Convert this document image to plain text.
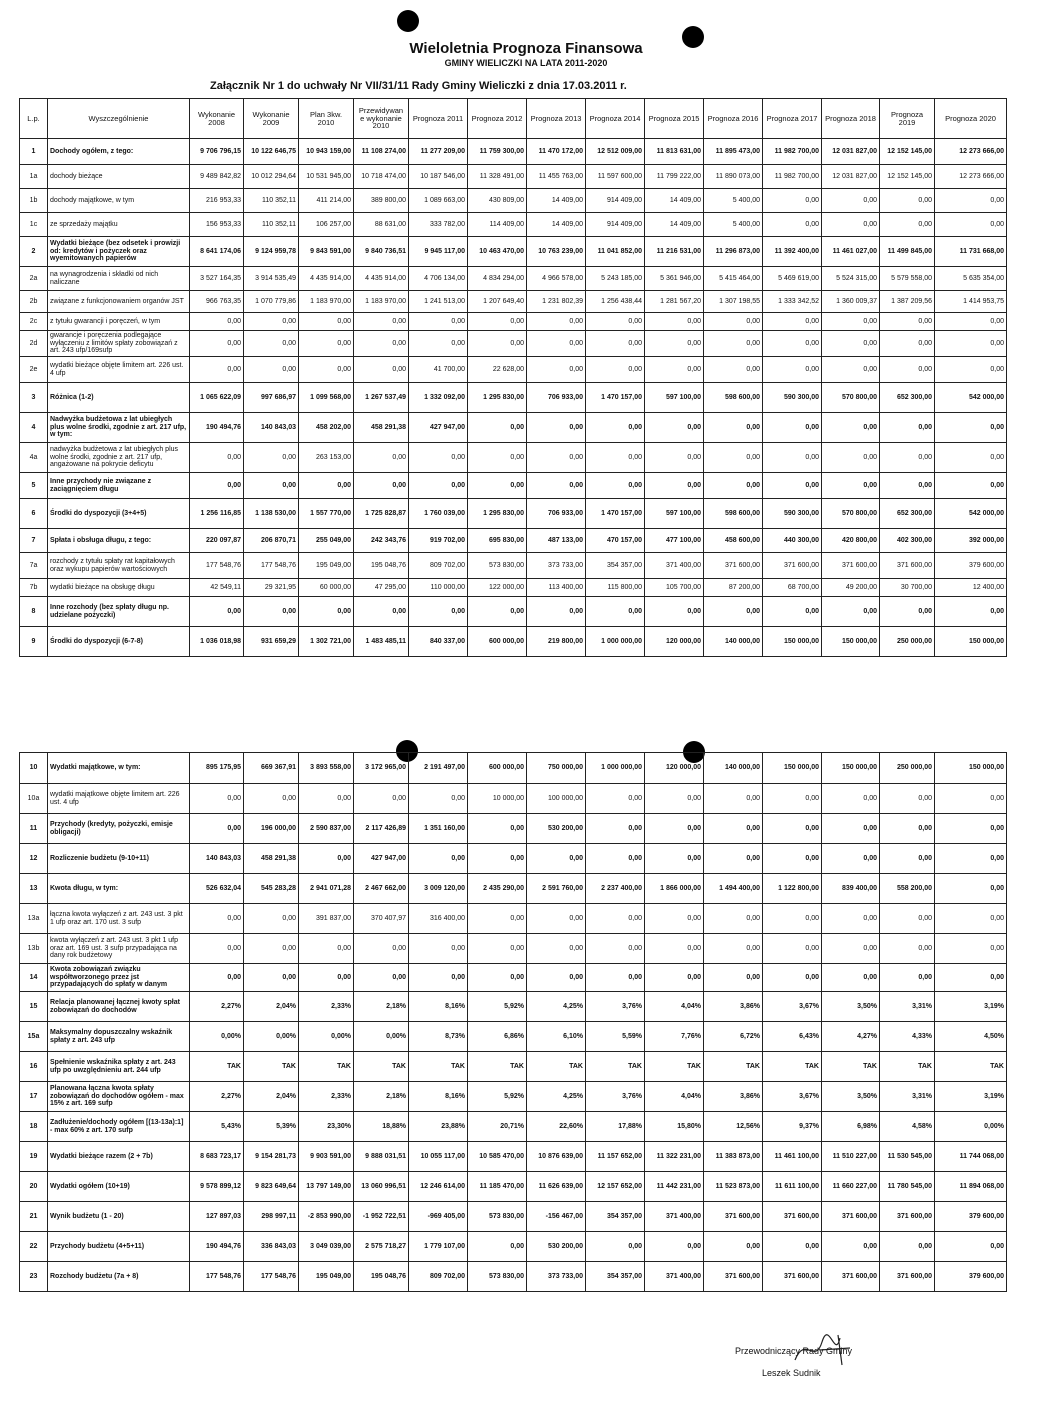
Wieloletnia Prognoza Finansowa
GMINY WIELICZKI NA LATA 2011-2020
Załącznik Nr 1 do uchwały Nr VII/31/11 Rady Gminy Wieliczki z dnia 17.03.2011 r.
L.p.	Wyszczególnienie	Wykonanie 2008	Wykonanie 2009	Plan 3kw. 2010	Przewidywan e wykonanie 2010	Prognoza 2011	Prognoza 2012	Prognoza 2013	Prognoza 2014	Prognoza 2015	Prognoza 2016	Prognoza 2017	Prognoza 2018	Prognoza 2019	Prognoza 2020
1	Dochody ogółem, z tego:	9 706 796,15	10 122 646,75	10 943 159,00	11 108 274,00	11 277 209,00	11 759 300,00	11 470 172,00	12 512 009,00	11 813 631,00	11 895 473,00	11 982 700,00	12 031 827,00	12 152 145,00	12 273 666,00
1a	dochody bieżące	9 489 842,82	10 012 294,64	10 531 945,00	10 718 474,00	10 187 546,00	11 328 491,00	11 455 763,00	11 597 600,00	11 799 222,00	11 890 073,00	11 982 700,00	12 031 827,00	12 152 145,00	12 273 666,00
1b	dochody majątkowe, w tym	216 953,33	110 352,11	411 214,00	389 800,00	1 089 663,00	430 809,00	14 409,00	914 409,00	14 409,00	5 400,00	0,00	0,00	0,00	0,00
1c	ze sprzedaży majątku	156 953,33	110 352,11	106 257,00	88 631,00	333 782,00	114 409,00	14 409,00	914 409,00	14 409,00	5 400,00	0,00	0,00	0,00	0,00
2	Wydatki bieżące (bez odsetek i prowizji od: kredytów i pożyczek oraz wyemitowanych papierów	8 641 174,06	9 124 959,78	9 843 591,00	9 840 736,51	9 945 117,00	10 463 470,00	10 763 239,00	11 041 852,00	11 216 531,00	11 296 873,00	11 392 400,00	11 461 027,00	11 499 845,00	11 731 668,00
2a	na wynagrodzenia i składki od nich naliczane	3 527 164,35	3 914 535,49	4 435 914,00	4 435 914,00	4 706 134,00	4 834 294,00	4 966 578,00	5 243 185,00	5 361 946,00	5 415 464,00	5 469 619,00	5 524 315,00	5 579 558,00	5 635 354,00
2b	związane z funkcjonowaniem organów JST	966 763,35	1 070 779,86	1 183 970,00	1 183 970,00	1 241 513,00	1 207 649,40	1 231 802,39	1 256 438,44	1 281 567,20	1 307 198,55	1 333 342,52	1 360 009,37	1 387 209,56	1 414 953,75
2c	z tytułu gwarancji i poręczeń, w tym	0,00	0,00	0,00	0,00	0,00	0,00	0,00	0,00	0,00	0,00	0,00	0,00	0,00	0,00
2d	gwarancje i poręczenia podlegające wyłączeniu z limitów spłaty zobowiązań z art. 243 ufp/169sufp	0,00	0,00	0,00	0,00	0,00	0,00	0,00	0,00	0,00	0,00	0,00	0,00	0,00	0,00
2e	wydatki bieżące objęte limitem art. 226 ust. 4 ufp	0,00	0,00	0,00	0,00	41 700,00	22 628,00	0,00	0,00	0,00	0,00	0,00	0,00	0,00	0,00
3	Różnica (1-2)	1 065 622,09	997 686,97	1 099 568,00	1 267 537,49	1 332 092,00	1 295 830,00	706 933,00	1 470 157,00	597 100,00	598 600,00	590 300,00	570 800,00	652 300,00	542 000,00
4	Nadwyżka budżetowa z lat ubiegłych plus wolne środki, zgodnie z art. 217 ufp, w tym:	190 494,76	140 843,03	458 202,00	458 291,38	427 947,00	0,00	0,00	0,00	0,00	0,00	0,00	0,00	0,00	0,00
4a	nadwyżka budżetowa z lat ubiegłych plus wolne środki, zgodnie z art. 217 ufp, angażowane na pokrycie deficytu	0,00	0,00	263 153,00	0,00	0,00	0,00	0,00	0,00	0,00	0,00	0,00	0,00	0,00	0,00
5	Inne przychody nie związane z zaciągnięciem długu	0,00	0,00	0,00	0,00	0,00	0,00	0,00	0,00	0,00	0,00	0,00	0,00	0,00	0,00
6	Środki do dyspozycji (3+4+5)	1 256 116,85	1 138 530,00	1 557 770,00	1 725 828,87	1 760 039,00	1 295 830,00	706 933,00	1 470 157,00	597 100,00	598 600,00	590 300,00	570 800,00	652 300,00	542 000,00
7	Spłata i obsługa długu, z tego:	220 097,87	206 870,71	255 049,00	242 343,76	919 702,00	695 830,00	487 133,00	470 157,00	477 100,00	458 600,00	440 300,00	420 800,00	402 300,00	392 000,00
7a	rozchody z tytułu spłaty rat kapitałowych oraz wykupu papierów wartościowych	177 548,76	177 548,76	195 049,00	195 048,76	809 702,00	573 830,00	373 733,00	354 357,00	371 400,00	371 600,00	371 600,00	371 600,00	371 600,00	379 600,00
7b	wydatki bieżące na obsługę długu	42 549,11	29 321,95	60 000,00	47 295,00	110 000,00	122 000,00	113 400,00	115 800,00	105 700,00	87 200,00	68 700,00	49 200,00	30 700,00	12 400,00
8	Inne rozchody (bez spłaty długu np. udzielane pożyczki)	0,00	0,00	0,00	0,00	0,00	0,00	0,00	0,00	0,00	0,00	0,00	0,00	0,00	0,00
9	Środki do dyspozycji (6-7-8)	1 036 018,98	931 659,29	1 302 721,00	1 483 485,11	840 337,00	600 000,00	219 800,00	1 000 000,00	120 000,00	140 000,00	150 000,00	150 000,00	250 000,00	150 000,00
10	Wydatki majątkowe, w tym:	895 175,95	669 367,91	3 893 558,00	3 172 965,00	2 191 497,00	600 000,00	750 000,00	1 000 000,00	120 000,00	140 000,00	150 000,00	150 000,00	250 000,00	150 000,00
10a	wydatki majątkowe objęte limitem art. 226 ust. 4 ufp	0,00	0,00	0,00	0,00	0,00	10 000,00	100 000,00	0,00	0,00	0,00	0,00	0,00	0,00	0,00
11	Przychody (kredyty, pożyczki, emisje obligacji)	0,00	196 000,00	2 590 837,00	2 117 426,89	1 351 160,00	0,00	530 200,00	0,00	0,00	0,00	0,00	0,00	0,00	0,00
12	Rozliczenie budżetu (9-10+11)	140 843,03	458 291,38	0,00	427 947,00	0,00	0,00	0,00	0,00	0,00	0,00	0,00	0,00	0,00	0,00
13	Kwota długu, w tym:	526 632,04	545 283,28	2 941 071,28	2 467 662,00	3 009 120,00	2 435 290,00	2 591 760,00	2 237 400,00	1 866 000,00	1 494 400,00	1 122 800,00	839 400,00	558 200,00	0,00
13a	łączna kwota wyłączeń z art. 243 ust. 3 pkt 1 ufp oraz art. 170 ust. 3 sufp	0,00	0,00	391 837,00	370 407,97	316 400,00	0,00	0,00	0,00	0,00	0,00	0,00	0,00	0,00	0,00
13b	kwota wyłączeń z art. 243 ust. 3 pkt 1 ufp oraz art. 169 ust. 3 sufp przypadająca na dany rok budżetowy	0,00	0,00	0,00	0,00	0,00	0,00	0,00	0,00	0,00	0,00	0,00	0,00	0,00	0,00
14	Kwota zobowiązań związku współtworzonego przez jst przypadających do spłaty w danym	0,00	0,00	0,00	0,00	0,00	0,00	0,00	0,00	0,00	0,00	0,00	0,00	0,00	0,00
15	Relacja planowanej łącznej kwoty spłat zobowiązań do dochodów	2,27%	2,04%	2,33%	2,18%	8,16%	5,92%	4,25%	3,76%	4,04%	3,86%	3,67%	3,50%	3,31%	3,19%
15a	Maksymalny dopuszczalny wskaźnik spłaty z art. 243 ufp	0,00%	0,00%	0,00%	0,00%	8,73%	6,86%	6,10%	5,59%	7,76%	6,72%	6,43%	4,27%	4,33%	4,50%
16	Spełnienie wskaźnika spłaty z art. 243 ufp po uwzględnieniu art. 244 ufp	TAK	TAK	TAK	TAK	TAK	TAK	TAK	TAK	TAK	TAK	TAK	TAK	TAK	TAK
17	Planowana łączna kwota spłaty zobowiązań do dochodów ogółem - max 15% z art. 169 sufp	2,27%	2,04%	2,33%	2,18%	8,16%	5,92%	4,25%	3,76%	4,04%	3,86%	3,67%	3,50%	3,31%	3,19%
18	Zadłużenie/dochody ogółem [(13-13a):1] - max 60% z art. 170 sufp	5,43%	5,39%	23,30%	18,88%	23,88%	20,71%	22,60%	17,88%	15,80%	12,56%	9,37%	6,98%	4,58%	0,00%
19	Wydatki bieżące razem (2 + 7b)	8 683 723,17	9 154 281,73	9 903 591,00	9 888 031,51	10 055 117,00	10 585 470,00	10 876 639,00	11 157 652,00	11 322 231,00	11 383 873,00	11 461 100,00	11 510 227,00	11 530 545,00	11 744 068,00
20	Wydatki ogółem (10+19)	9 578 899,12	9 823 649,64	13 797 149,00	13 060 996,51	12 246 614,00	11 185 470,00	11 626 639,00	12 157 652,00	11 442 231,00	11 523 873,00	11 611 100,00	11 660 227,00	11 780 545,00	11 894 068,00
21	Wynik budżetu (1 - 20)	127 897,03	298 997,11	-2 853 990,00	-1 952 722,51	-969 405,00	573 830,00	-156 467,00	354 357,00	371 400,00	371 600,00	371 600,00	371 600,00	371 600,00	379 600,00
22	Przychody budżetu (4+5+11)	190 494,76	336 843,03	3 049 039,00	2 575 718,27	1 779 107,00	0,00	530 200,00	0,00	0,00	0,00	0,00	0,00	0,00	0,00
23	Rozchody budżetu (7a + 8)	177 548,76	177 548,76	195 049,00	195 048,76	809 702,00	573 830,00	373 733,00	354 357,00	371 400,00	371 600,00	371 600,00	371 600,00	371 600,00	379 600,00
Przewodniczący Rady Gminy
Leszek Sudnik
